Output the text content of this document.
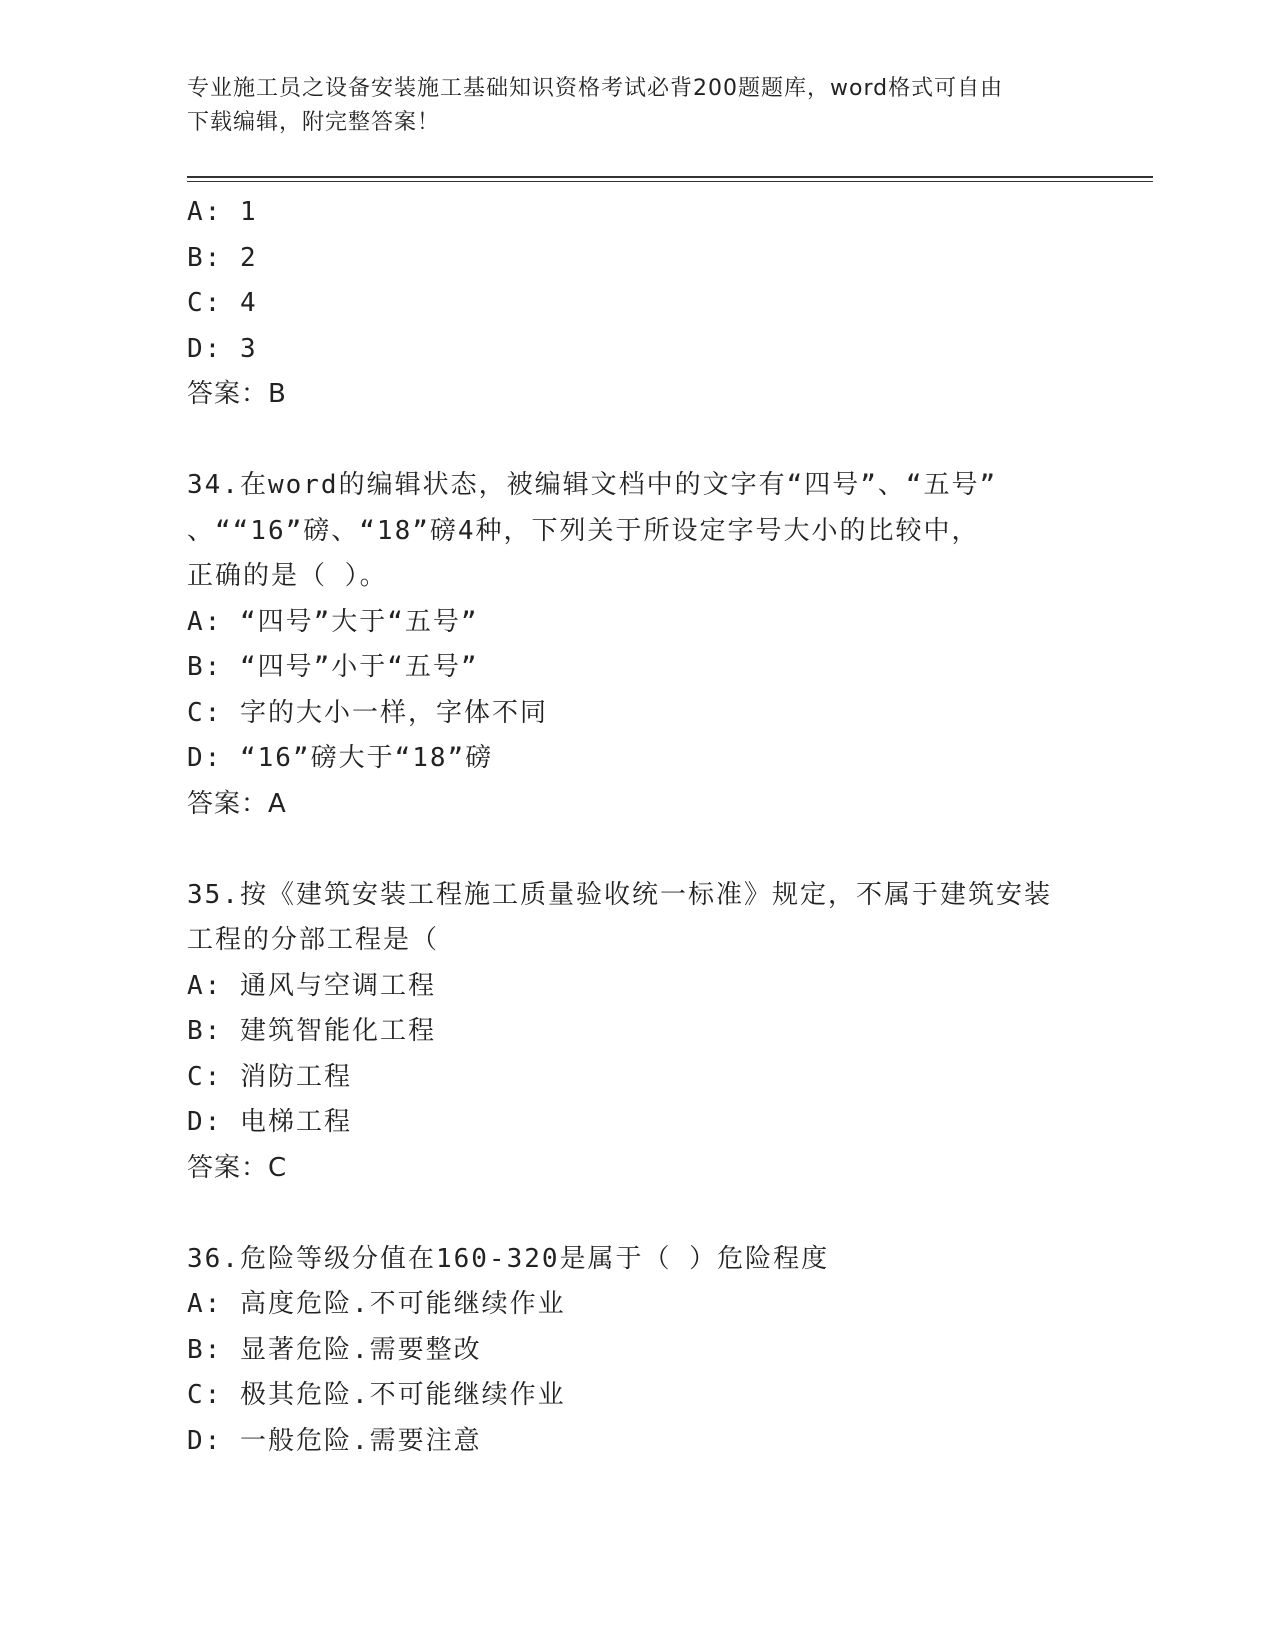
专业施工员之设备安装施工基础知识资格考试必背200题题库，word格式可自由
下载编辑，附完整答案！
A: 1
B: 2
C: 4
D: 3
答案：B
34.在word的编辑状态，被编辑文档中的文字有“四号”、“五号”
、““16”磅、“18”磅4种，下列关于所设定字号大小的比较中，
正确的是（ ）。
A: “四号”大于“五号”
B: “四号”小于“五号”
C: 字的大小一样，字体不同
D: “16”磅大于“18”磅
答案：A
35.按《建筑安装工程施工质量验收统一标准》规定，不属于建筑安装
工程的分部工程是（
A: 通风与空调工程
B: 建筑智能化工程
C: 消防工程
D: 电梯工程
答案：C
36.危险等级分值在160-320是属于（ ）危险程度
A: 高度危险.不可能继续作业
B: 显著危险.需要整改
C: 极其危险.不可能继续作业
D: 一般危险.需要注意
